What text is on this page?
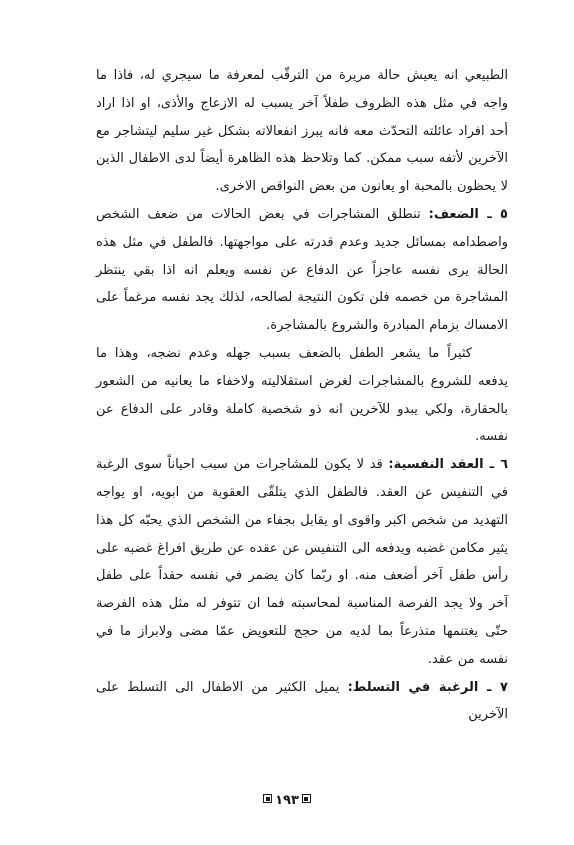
الطبيعي انه يعيش حالة مريرة من الترقّب لمعرفة ما سيجري له، فاذا ما واجه في مثل هذه الظروف طفلاً آخر يسبب له الازعاج والأذى، او اذا اراد أحد افراد عائلته التحدّث معه فانه يبرز انفعالاته بشكل غير سليم ليتشاجر مع الآخرين لأتفه سبب ممكن. كما وتلاحظ هذه الظاهرة أيضاً لدى الاطفال الذين لا يحظون بالمحبة او يعانون من بعض النواقص الاخرى.

٥ ـ الضعف: تنطلق المشاجرات في بعض الحالات من ضعف الشخص واصطدامه بمسائل جديد وعدم قدرته على مواجهتها. فالطفل في مثل هذه الحالة يرى نفسه عاجزاً عن الدفاع عن نفسه ويعلم انه اذا بقي ينتظر المشاجرة من خصمه فلن تكون النتيجة لصالحه، لذلك يجد نفسه مرغماً على الامساك بزمام المبادرة والشروع بالمشاجرة.

كثيراً ما يشعر الطفل بالضعف بسبب جهله وعدم نضجه، وهذا ما يدفعه للشروع بالمشاجرات لغرض استقلاليته ولاخفاء ما يعانيه من الشعور بالحقارة، ولكي يبدو للآخرين انه ذو شخصية كاملة وقادر على الدفاع عن نفسه.

٦ ـ العقد النفسية: قد لا يكون للمشاجرات من سبب احياناً سوى الرغبة في التنفيس عن العقد. فالطفل الذي يتلقّى العقوبة من ابويه، او يواجه التهديد من شخص اكبر واقوى او يقابل بجفاء من الشخص الذي يحبّه كل هذا يثير مكامن غضبه ويدفعه الى التنفيس عن عقده عن طريق افراغ غضبه على رأس طفل آخر أضعف منه. او ربّما كان يضمر في نفسه حقداً على طفل آخر ولا يجد الفرصة المناسبة لمحاسبته فما ان تتوفر له مثل هذه الفرصة حتّى يغتنمها متذرعاً بما لديه من حجج للتعويض عمّا مضى ولابراز ما في نفسه من عقد.

٧ ـ الرغبة في التسلط: يميل الكثير من الاطفال الى التسلط على الآخرين

١٩٣
